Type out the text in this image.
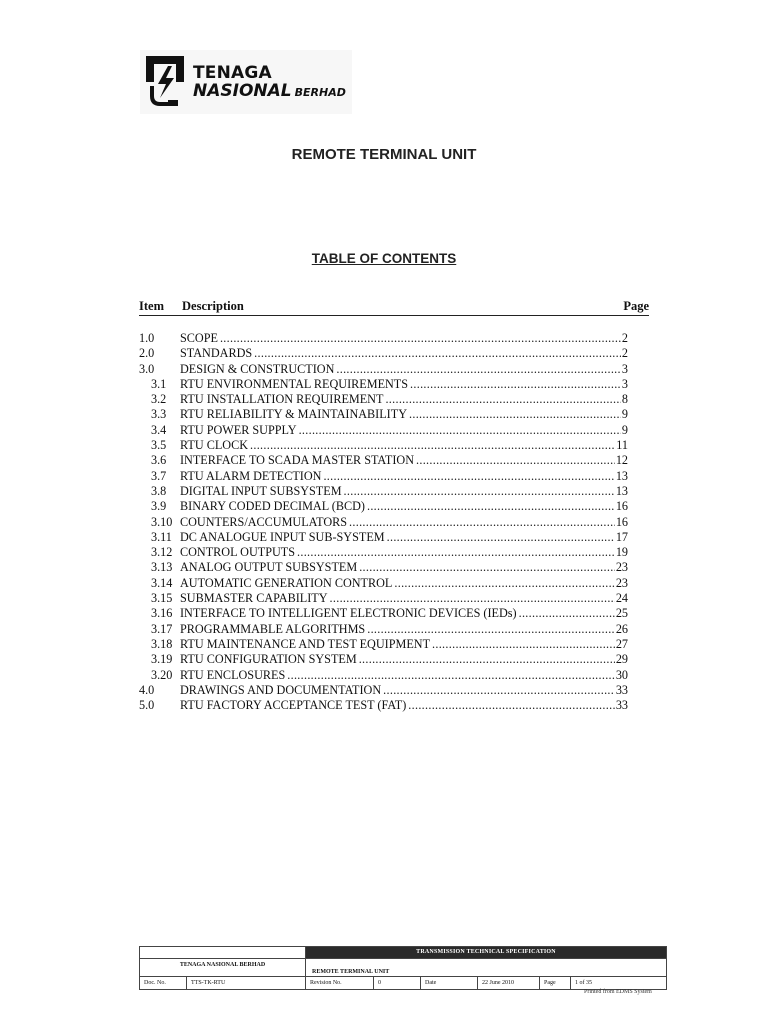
TENAGA
NASIONAL BERHAD
REMOTE TERMINAL UNIT
TABLE OF CONTENTS
Item Description	Page
1.0 SCOPE .....	2
2.0 STANDARDS .....	2
3.0 DESIGN & CONSTRUCTION .....	3
3.1 RTU ENVIRONMENTAL REQUIREMENTS .....	3
3.2 RTU INSTALLATION REQUIREMENT .....	8
3.3 RTU RELIABILITY & MAINTAINABILITY .....	9
3.4 RTU POWER SUPPLY .....	9
3.5 RTU CLOCK .....	11
3.6 INTERFACE TO SCADA MASTER STATION .....	12
3.7 RTU ALARM DETECTION .....	13
3.8 DIGITAL INPUT SUBSYSTEM .....	13
3.9 BINARY CODED DECIMAL (BCD) .....	16
3.10 COUNTERS/ACCUMULATORS .....	16
3.11 DC ANALOGUE INPUT SUB-SYSTEM .....	17
3.12 CONTROL OUTPUTS .....	19
3.13 ANALOG OUTPUT SUBSYSTEM .....	23
3.14 AUTOMATIC GENERATION CONTROL .....	23
3.15 SUBMASTER CAPABILITY .....	24
3.16 INTERFACE TO INTELLIGENT ELECTRONIC DEVICES (IEDs) .....	25
3.17 PROGRAMMABLE ALGORITHMS .....	26
3.18 RTU MAINTENANCE AND TEST EQUIPMENT .....	27
3.19 RTU CONFIGURATION SYSTEM .....	29
3.20 RTU ENCLOSURES .....	30
4.0 DRAWINGS AND DOCUMENTATION .....	33
5.0 RTU FACTORY ACCEPTANCE TEST (FAT) .....	33
TRANSMISSION TECHNICAL SPECIFICATION
TENAGA NASIONAL BERHAD
REMOTE TERMINAL UNIT
Doc. No.	TTS-TK-RTU	Revision No.	0	Date	22 June 2010	Page	1 of 35
Printed from EDMS System
